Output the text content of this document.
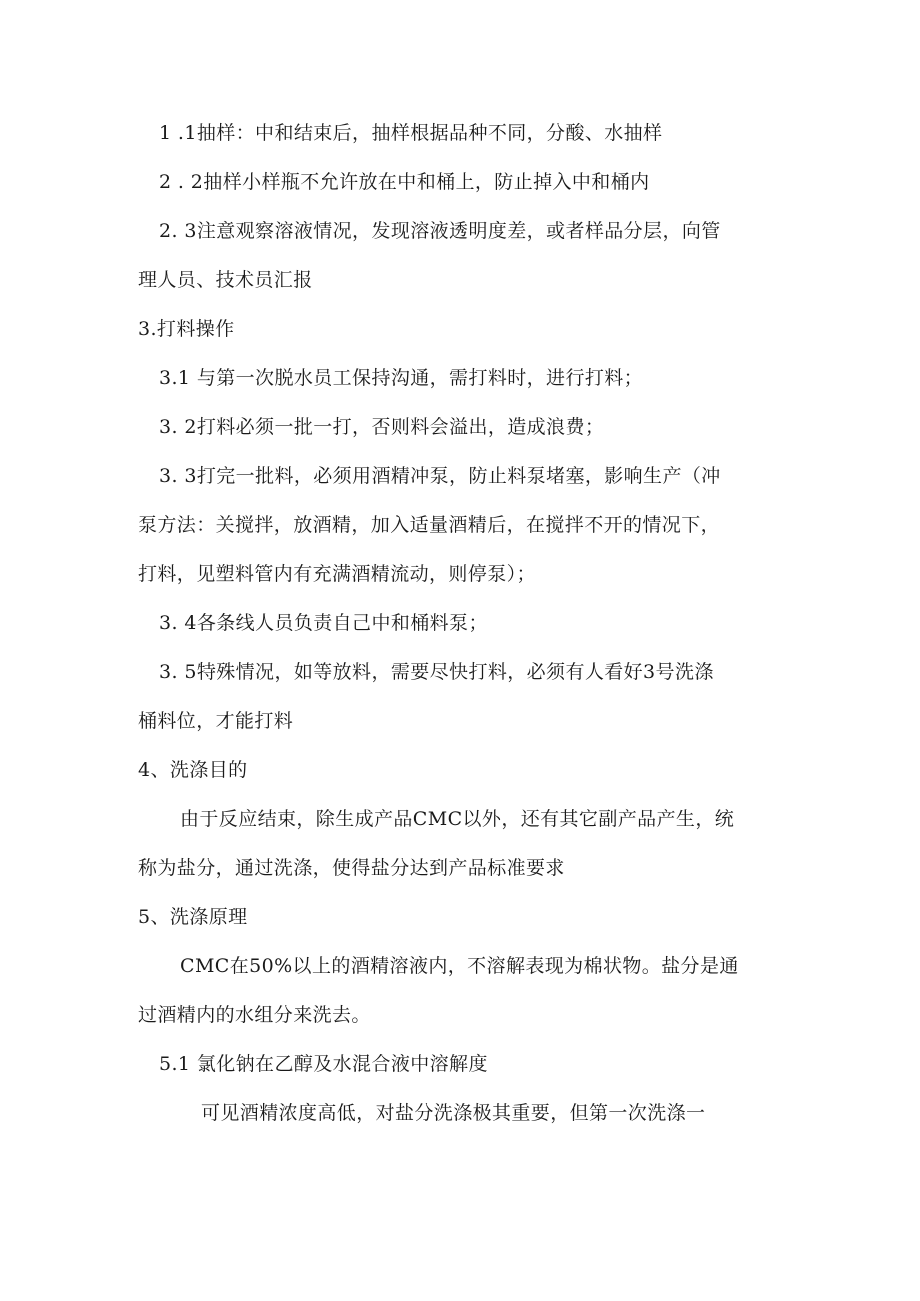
1 .1抽样：中和结束后，抽样根据品种不同，分酸、水抽样
2 . 2抽样小样瓶不允许放在中和桶上，防止掉入中和桶内
2. 3注意观察溶液情况，发现溶液透明度差，或者样品分层，向管
理人员、技术员汇报
3.打料操作
3.1 与第一次脱水员工保持沟通，需打料时，进行打料；
3. 2打料必须一批一打，否则料会溢出，造成浪费；
3. 3打完一批料，必须用酒精冲泵，防止料泵堵塞，影响生产（冲
泵方法：关搅拌，放酒精，加入适量酒精后，在搅拌不开的情况下，
打料，见塑料管内有充满酒精流动，则停泵）；
3. 4各条线人员负责自己中和桶料泵；
3. 5特殊情况，如等放料，需要尽快打料，必须有人看好3号洗涤
桶料位，才能打料
4、洗涤目的
由于反应结束，除生成产品CMC以外，还有其它副产品产生，统
称为盐分，通过洗涤，使得盐分达到产品标准要求
5、洗涤原理
CMC在50%以上的酒精溶液内，不溶解表现为棉状物。盐分是通
过酒精内的水组分来洗去。
5.1 氯化钠在乙醇及水混合液中溶解度
可见酒精浓度高低，对盐分洗涤极其重要，但第一次洗涤一
